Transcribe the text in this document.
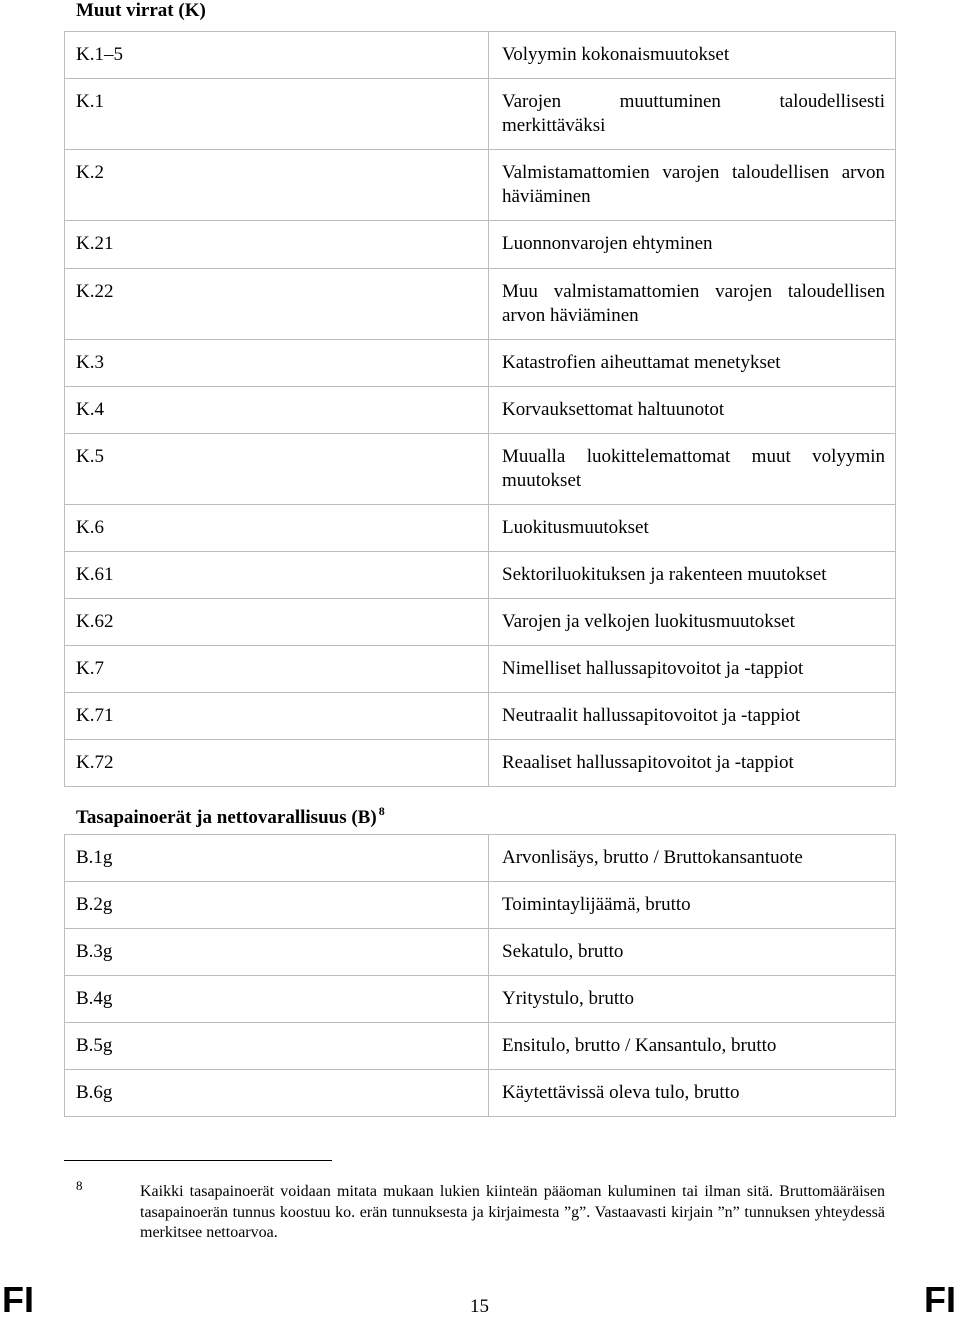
Muut virrat (K)
K.1–5	Volyymin kokonaismuutokset

K.1	Varojen muuttuminen taloudellisesti merkittäväksi

K.2	Valmistamattomien varojen taloudellisen arvon häviäminen

K.21	Luonnonvarojen ehtyminen

K.22	Muu valmistamattomien varojen taloudellisen arvon häviäminen

K.3	Katastrofien aiheuttamat menetykset

K.4	Korvauksettomat haltuunotot

K.5	Muualla luokittelemattomat muut volyymin muutokset

K.6	Luokitusmuutokset

K.61	Sektoriluokituksen ja rakenteen muutokset

K.62	Varojen ja velkojen luokitusmuutokset

K.7	Nimelliset hallussapitovoitot ja -tappiot

K.71	Neutraalit hallussapitovoitot ja -tappiot

K.72	Reaaliset hallussapitovoitot ja -tappiot
Tasapainoerät ja nettovarallisuus (B) $^8$
B.1g	Arvonlisäys, brutto / Bruttokansantuote

B.2g	Toimintaylijäämä, brutto

B.3g	Sekatulo, brutto

B.4g	Yritystulo, brutto

B.5g	Ensitulo, brutto / Kansantulo, brutto

B.6g	Käytettävissä oleva tulo, brutto
8	Kaikki tasapainoerät voidaan mitata mukaan lukien kiinteän pääoman kuluminen tai ilman sitä. Bruttomääräisen tasapainoerän tunnus koostuu ko. erän tunnuksesta ja kirjaimesta ”g”. Vastaavasti kirjain ”n” tunnuksen yhteydessä merkitsee nettoarvoa.
FI	15	FI
